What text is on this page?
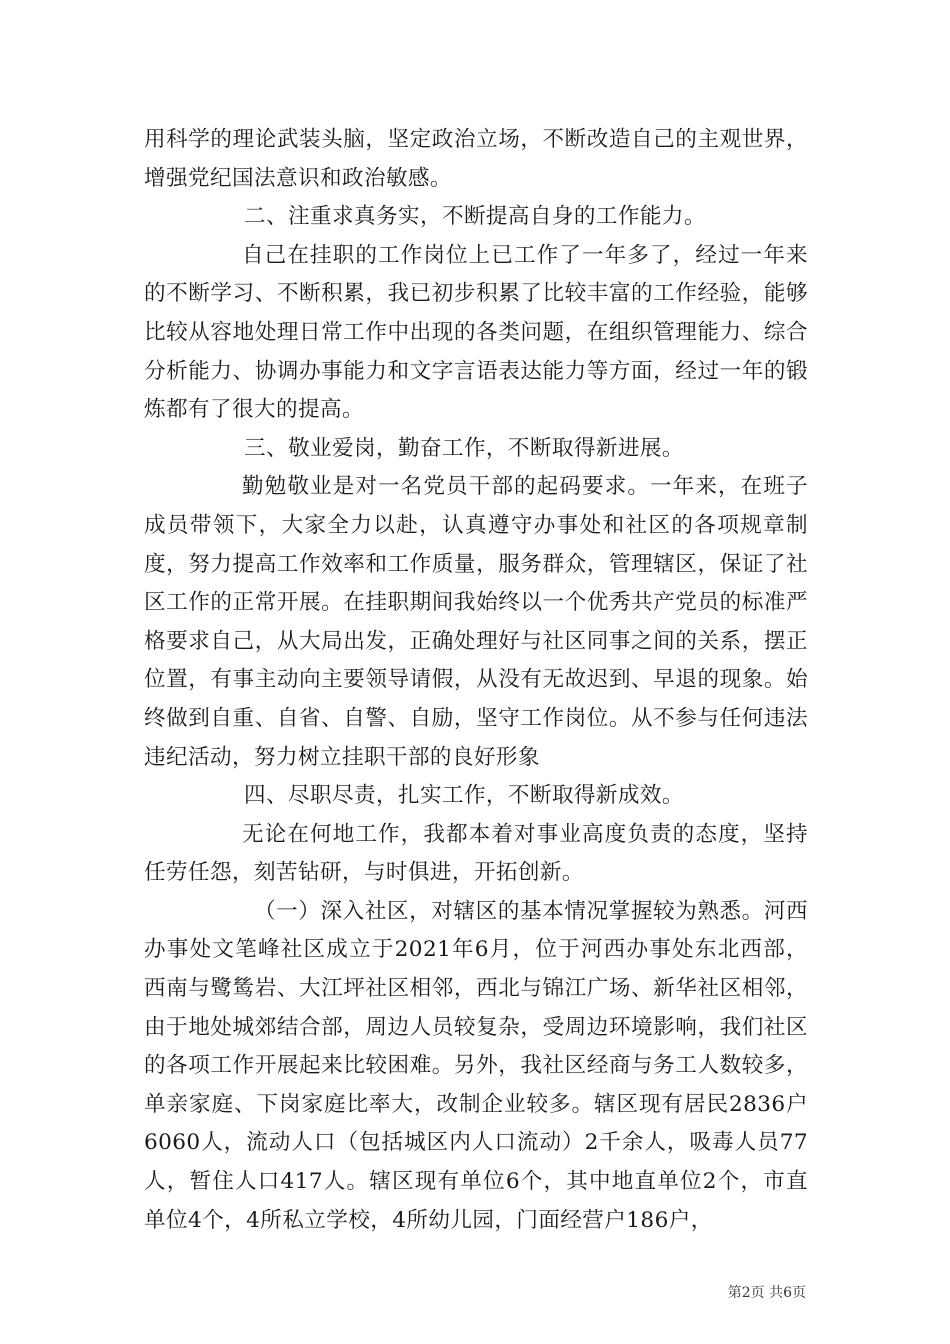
用科学的理论武装头脑，坚定政治立场，不断改造自己的主观世界，增强党纪国法意识和政治敏感。

二、注重求真务实，不断提高自身的工作能力。

自己在挂职的工作岗位上已工作了一年多了，经过一年来的不断学习、不断积累，我已初步积累了比较丰富的工作经验，能够比较从容地处理日常工作中出现的各类问题，在组织管理能力、综合分析能力、协调办事能力和文字言语表达能力等方面，经过一年的锻炼都有了很大的提高。

三、敬业爱岗，勤奋工作，不断取得新进展。

勤勉敬业是对一名党员干部的起码要求。一年来，在班子成员带领下，大家全力以赴，认真遵守办事处和社区的各项规章制度，努力提高工作效率和工作质量，服务群众，管理辖区，保证了社区工作的正常开展。在挂职期间我始终以一个优秀共产党员的标准严格要求自己，从大局出发，正确处理好与社区同事之间的关系，摆正位置，有事主动向主要领导请假，从没有无故迟到、早退的现象。始终做到自重、自省、自警、自励，坚守工作岗位。从不参与任何违法违纪活动，努力树立挂职干部的良好形象

四、尽职尽责，扎实工作，不断取得新成效。

无论在何地工作，我都本着对事业高度负责的态度，坚持任劳任怨，刻苦钻研，与时俱进，开拓创新。

（一）深入社区，对辖区的基本情况掌握较为熟悉。河西办事处文笔峰社区成立于2021年6月，位于河西办事处东北西部，西南与鹭鸶岩、大江坪社区相邻，西北与锦江广场、新华社区相邻，由于地处城郊结合部，周边人员较复杂，受周边环境影响，我们社区的各项工作开展起来比较困难。另外，我社区经商与务工人数较多，单亲家庭、下岗家庭比率大，改制企业较多。辖区现有居民2836户6060人，流动人口（包括城区内人口流动）2千余人，吸毒人员77人，暂住人口417人。辖区现有单位6个，其中地直单位2个，市直单位4个，4所私立学校，4所幼儿园，门面经营户186户，

第2页 共6页
